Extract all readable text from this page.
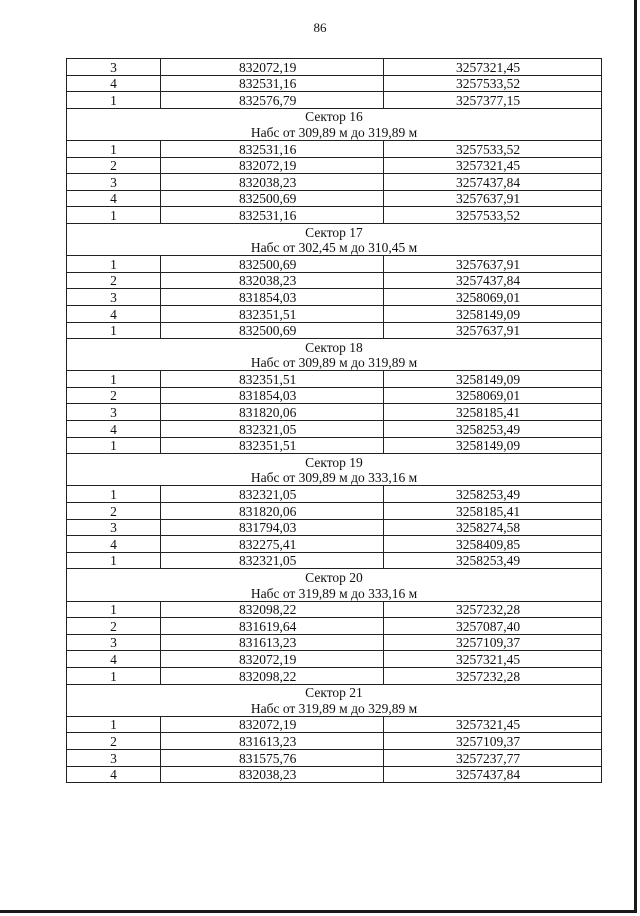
86
3	832072,19	3257321,45
4	832531,16	3257533,52
1	832576,79	3257377,15
Сектор 16		
Набс от 309,89 м до 319,89 м		
1	832531,16	3257533,52
2	832072,19	3257321,45
3	832038,23	3257437,84
4	832500,69	3257637,91
1	832531,16	3257533,52
Сектор 17		
Набс от 302,45 м до 310,45 м		
1	832500,69	3257637,91
2	832038,23	3257437,84
3	831854,03	3258069,01
4	832351,51	3258149,09
1	832500,69	3257637,91
Сектор 18		
Набс от 309,89 м до 319,89 м		
1	832351,51	3258149,09
2	831854,03	3258069,01
3	831820,06	3258185,41
4	832321,05	3258253,49
1	832351,51	3258149,09
Сектор 19		
Набс от 309,89 м до 333,16 м		
1	832321,05	3258253,49
2	831820,06	3258185,41
3	831794,03	3258274,58
4	832275,41	3258409,85
1	832321,05	3258253,49
Сектор 20		
Набс от 319,89 м до 333,16 м		
1	832098,22	3257232,28
2	831619,64	3257087,40
3	831613,23	3257109,37
4	832072,19	3257321,45
1	832098,22	3257232,28
Сектор 21		
Набс от 319,89 м до 329,89 м		
1	832072,19	3257321,45
2	831613,23	3257109,37
3	831575,76	3257237,77
4	832038,23	3257437,84
